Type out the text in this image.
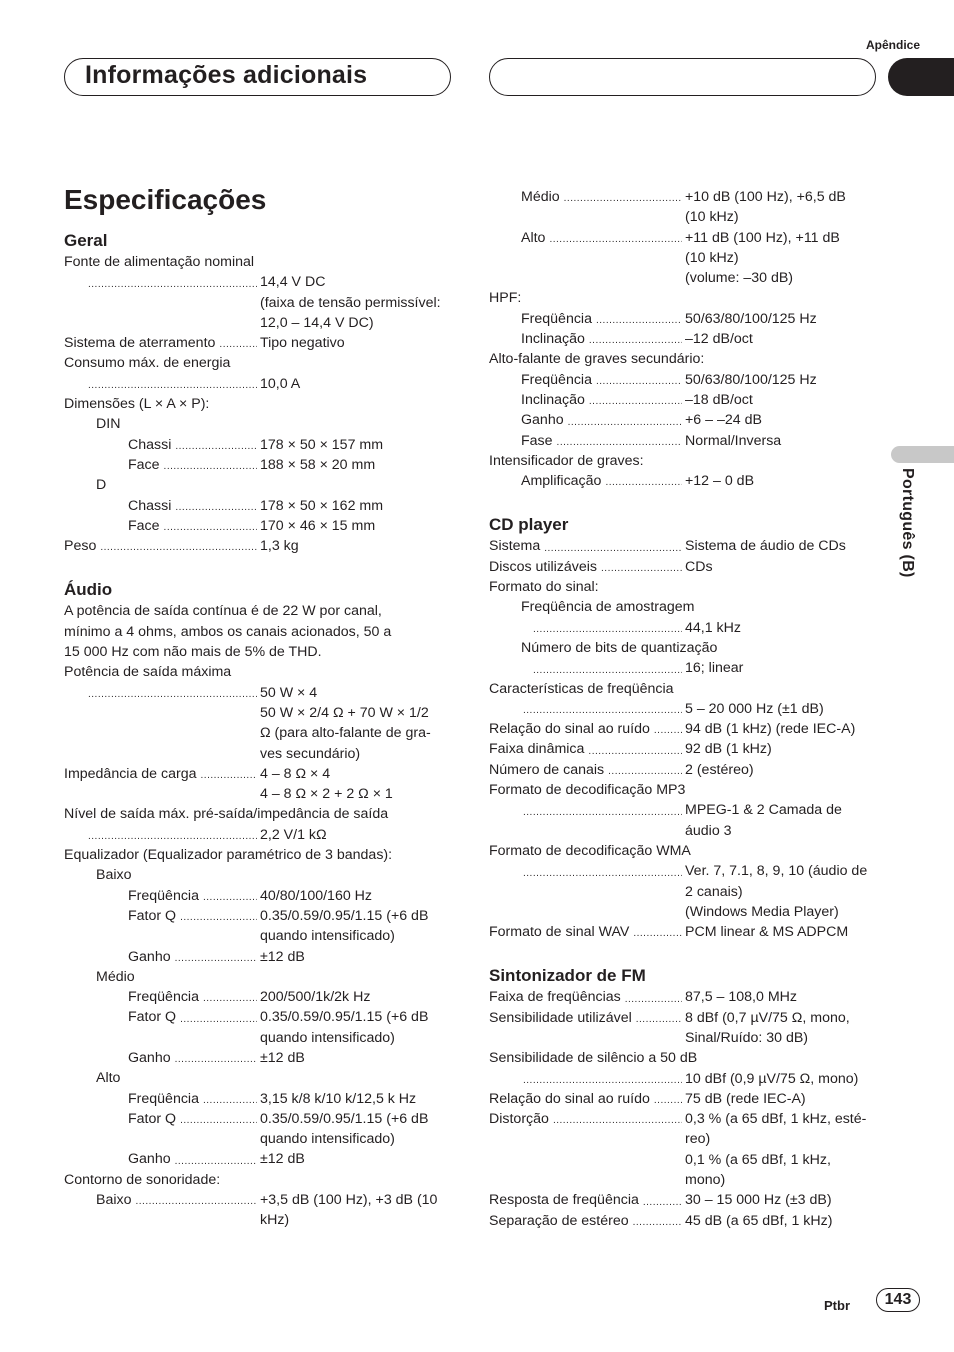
Apêndice
Informações adicionais
Português (B)
Especificações
Geral
Fonte de alimentação nominal
.....
14,4 V DC
(faixa de tensão permissível:
12,0 – 14,4 V DC)
Sistema de aterramento .....	Tipo negativo
Consumo máx. de energia
.....
10,0 A
Dimensões (L × A × P):
DIN
Chassi .....	178 × 50 × 157 mm
Face .....	188 × 58 × 20 mm
D
Chassi .....	178 × 50 × 162 mm
Face .....	170 × 46 × 15 mm
Peso .....	1,3 kg
Áudio
A potência de saída contínua é de 22 W por canal,
mínimo a 4 ohms, ambos os canais acionados, 50 a
15 000 Hz com não mais de 5% de THD.
Potência de saída máxima
.....
50 W × 4
50 W × 2/4 Ω + 70 W × 1/2
Ω (para alto-falante de gra-
ves secundário)
Impedância de carga .....	4 – 8 Ω × 4
4 – 8 Ω × 2 + 2 Ω × 1
Nível de saída máx. pré-saída/impedância de saída
.....
2,2 V/1 kΩ
Equalizador (Equalizador paramétrico de 3 bandas):
Baixo
Freqüência .....	40/80/100/160 Hz
Fator Q .....	0.35/0.59/0.95/1.15 (+6 dB
quando intensificado)
Ganho .....	±12 dB
Médio
Freqüência .....	200/500/1k/2k Hz
Fator Q .....	0.35/0.59/0.95/1.15 (+6 dB
quando intensificado)
Ganho .....	±12 dB
Alto
Freqüência .....	3,15 k/8 k/10 k/12,5 k Hz
Fator Q .....	0.35/0.59/0.95/1.15 (+6 dB
quando intensificado)
Ganho .....	±12 dB
Contorno de sonoridade:
Baixo .....	+3,5 dB (100 Hz), +3 dB (10
kHz)
Médio .....	+10 dB (100 Hz), +6,5 dB
(10 kHz)
Alto .....	+11 dB (100 Hz), +11 dB
(10 kHz)
(volume: –30 dB)
HPF:
Freqüência .....	50/63/80/100/125 Hz
Inclinação .....	–12 dB/oct
Alto-falante de graves secundário:
Freqüência .....	50/63/80/100/125 Hz
Inclinação .....	–18 dB/oct
Ganho .....	+6 – –24 dB
Fase .....	Normal/Inversa
Intensificador de graves:
Amplificação .....	+12 – 0 dB
CD player
Sistema .....	Sistema de áudio de CDs
Discos utilizáveis .....	CDs
Formato do sinal:
Freqüência de amostragem
.....
44,1 kHz
Número de bits de quantização
.....
16; linear
Características de freqüência
.....
5 – 20 000 Hz (±1 dB)
Relação do sinal ao ruído ..... 94 dB (1 kHz) (rede IEC-A)
Faixa dinâmica .....	92 dB (1 kHz)
Número de canais .....	2 (estéreo)
Formato de decodificação MP3
.....
MPEG-1 & 2 Camada de
áudio 3
Formato de decodificação WMA
.....
Ver. 7, 7.1, 8, 9, 10 (áudio de
2 canais)
(Windows Media Player)
Formato de sinal WAV .....	PCM linear & MS ADPCM
Sintonizador de FM
Faixa de freqüências .....	87,5 – 108,0 MHz
Sensibilidade utilizável .....	8 dBf (0,7 µV/75 Ω, mono,
Sinal/Ruído: 30 dB)
Sensibilidade de silêncio a 50 dB
.....
10 dBf (0,9 µV/75 Ω, mono)
Relação do sinal ao ruído ..... 75 dB (rede IEC-A)
Distorção .....	0,3 % (a 65 dBf, 1 kHz, esté-
reo)
0,1 % (a 65 dBf, 1 kHz,
mono)
Resposta de freqüência .....	30 – 15 000 Hz (±3 dB)
Separação de estéreo .....	45 dB (a 65 dBf, 1 kHz)
Ptbr	143
